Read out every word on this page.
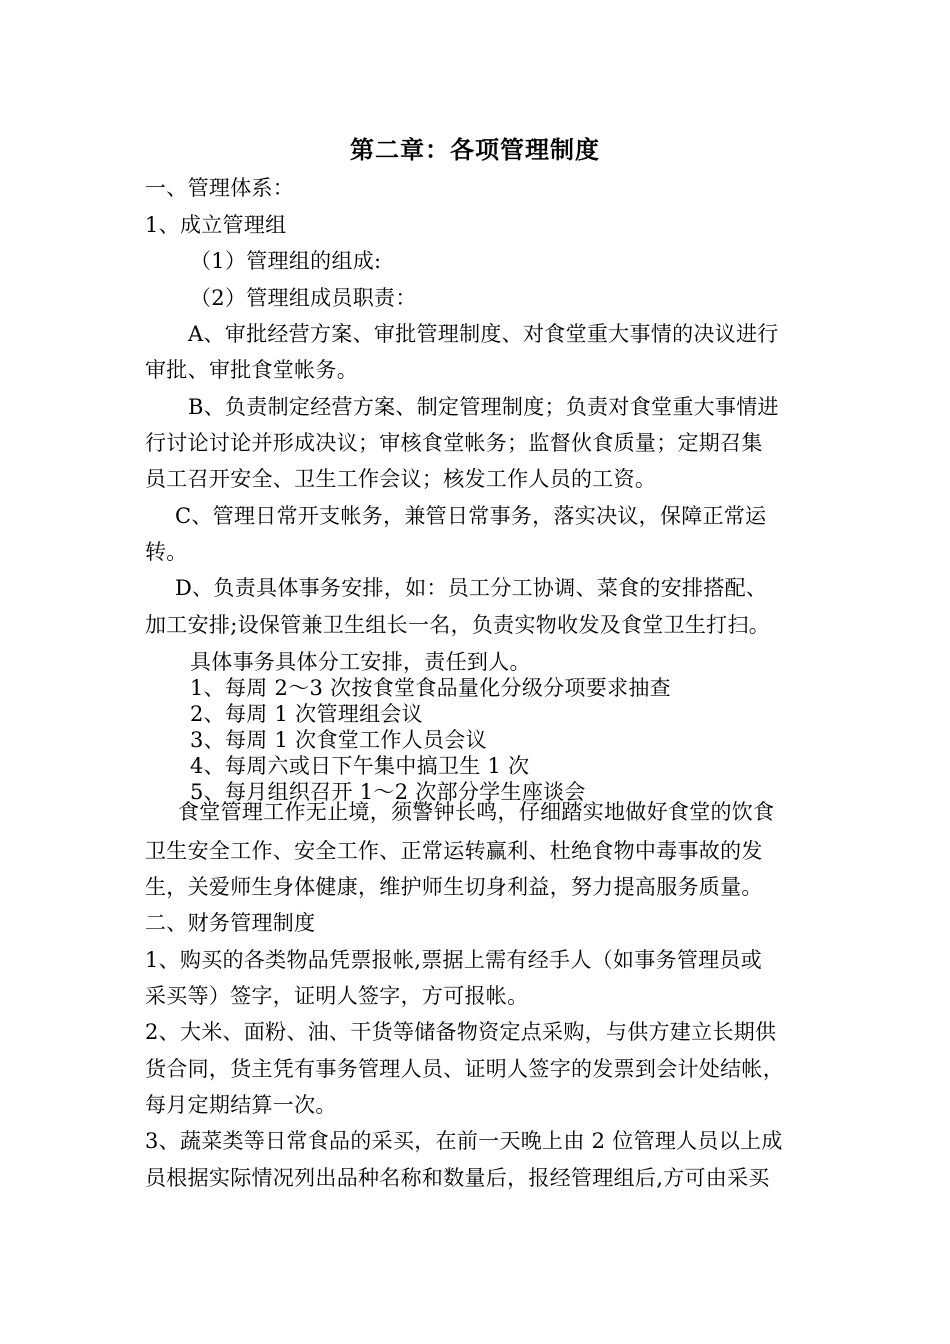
第二章：各项管理制度
一、管理体系：
1、成立管理组
（1）管理组的组成:
（2）管理组成员职责：
A、审批经营方案、审批管理制度、对食堂重大事情的决议进行
审批、审批食堂帐务。
B、负责制定经营方案、制定管理制度；负责对食堂重大事情进
行讨论讨论并形成决议；审核食堂帐务；监督伙食质量；定期召集
员工召开安全、卫生工作会议；核发工作人员的工资。
C、管理日常开支帐务，兼管日常事务，落实决议，保障正常运
转。
D、负责具体事务安排，如：员工分工协调、菜食的安排搭配、
加工安排;设保管兼卫生组长一名，负责实物收发及食堂卫生打扫。
具体事务具体分工安排，责任到人。
1、每周 2～3 次按食堂食品量化分级分项要求抽查
2、每周 1 次管理组会议
3、每周 1 次食堂工作人员会议
4、每周六或日下午集中搞卫生 1 次
5、每月组织召开 1～2 次部分学生座谈会
食堂管理工作无止境，须警钟长鸣，仔细踏实地做好食堂的饮食
卫生安全工作、安全工作、正常运转赢利、杜绝食物中毒事故的发
生，关爱师生身体健康，维护师生切身利益，努力提高服务质量。
二、财务管理制度
1、购买的各类物品凭票报帐,票据上需有经手人（如事务管理员或
采买等）签字，证明人签字，方可报帐。
2、大米、面粉、油、干货等储备物资定点采购，与供方建立长期供
货合同，货主凭有事务管理人员、证明人签字的发票到会计处结帐，
每月定期结算一次。
3、蔬菜类等日常食品的采买，在前一天晚上由 2 位管理人员以上成
员根据实际情况列出品种名称和数量后，报经管理组后,方可由采买
